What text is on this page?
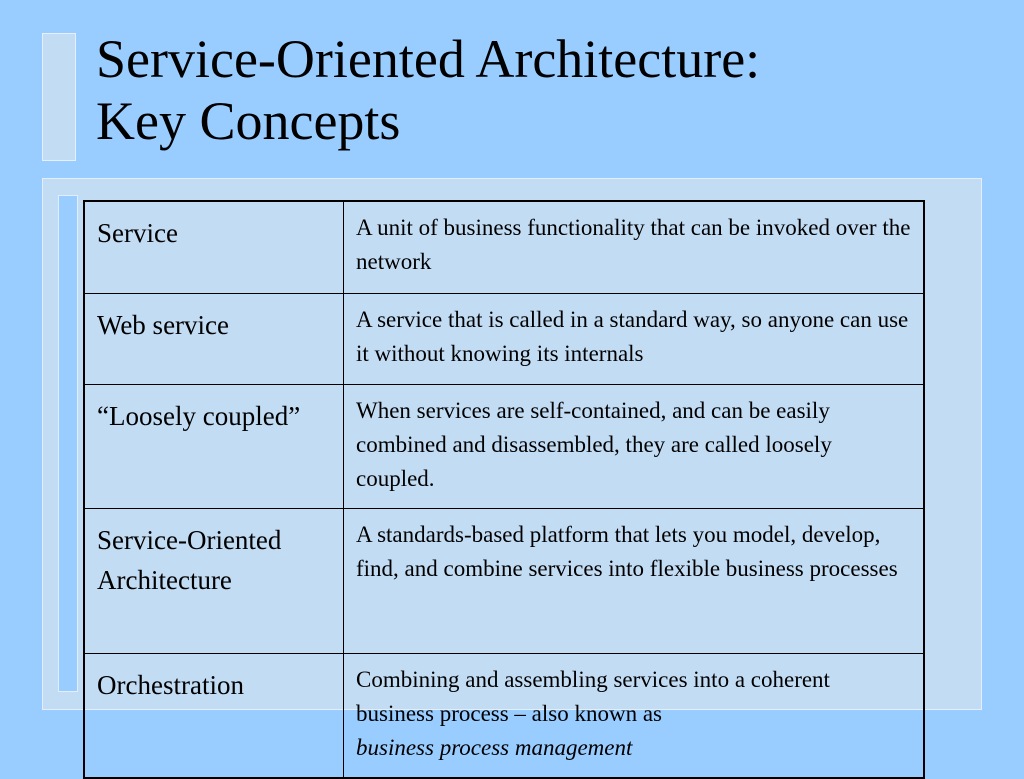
Service-Oriented Architecture:
Key Concepts
Service	A unit of business functionality that can be invoked over the network
Web service	A service that is called in a standard way, so anyone can use it without knowing its internals
“Loosely coupled”	When services are self-contained, and can be easily combined and disassembled, they are called loosely coupled.
Service-Oriented Architecture	A standards-based platform that lets you model, develop, find, and combine services into flexible business processes
Orchestration	Combining and assembling services into a coherent business process – also known as
business process management
